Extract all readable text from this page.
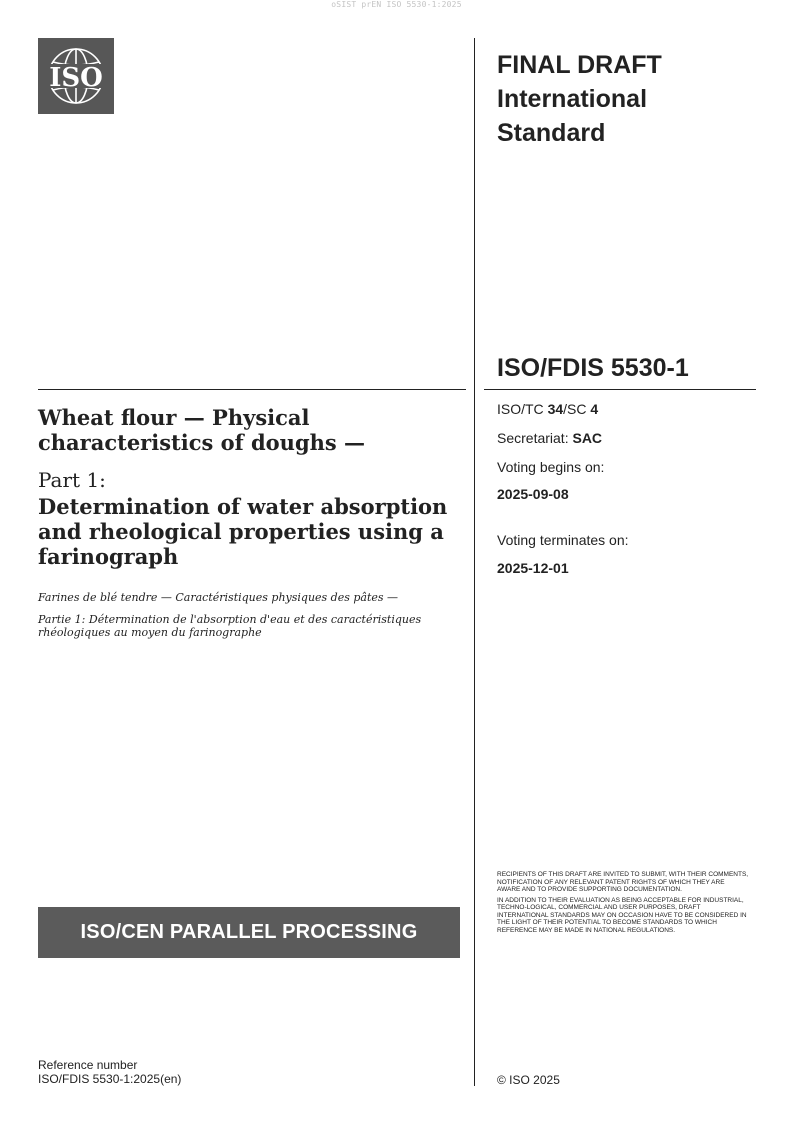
oSIST prEN ISO 5530-1:2025
ISO	FINAL DRAFT
International
Standard
ISO/FDIS 5530-1
ISO/TC 34/SC 4
Secretariat: SAC
Voting begins on:
2025-09-08
Voting terminates on:
2025-12-01
Wheat flour — Physical characteristics of doughs —
Part 1:
Determination of water absorption and rheological properties using a farinograph
Farines de blé tendre — Caractéristiques physiques des pâtes —
Partie 1: Détermination de l'absorption d'eau et des caractéristiques rhéologiques au moyen du farinographe

RECIPIENTS OF THIS DRAFT ARE INVITED TO SUBMIT, WITH THEIR COMMENTS, NOTIFICATION OF ANY RELEVANT PATENT RIGHTS OF WHICH THEY ARE AWARE AND TO PROVIDE SUPPORTING DOCUMENTATION.

IN ADDITION TO THEIR EVALUATION AS BEING ACCEPTABLE FOR INDUSTRIAL, TECHNO-LOGICAL, COMMERCIAL AND USER PURPOSES, DRAFT INTERNATIONAL STANDARDS MAY ON OCCASION HAVE TO BE CONSIDERED IN THE LIGHT OF THEIR POTENTIAL TO BECOME STANDARDS TO WHICH REFERENCE MAY BE MADE IN NATIONAL REGULATIONS.

ISO/CEN PARALLEL PROCESSING
Reference number
ISO/FDIS 5530-1:2025(en)	© ISO 2025
